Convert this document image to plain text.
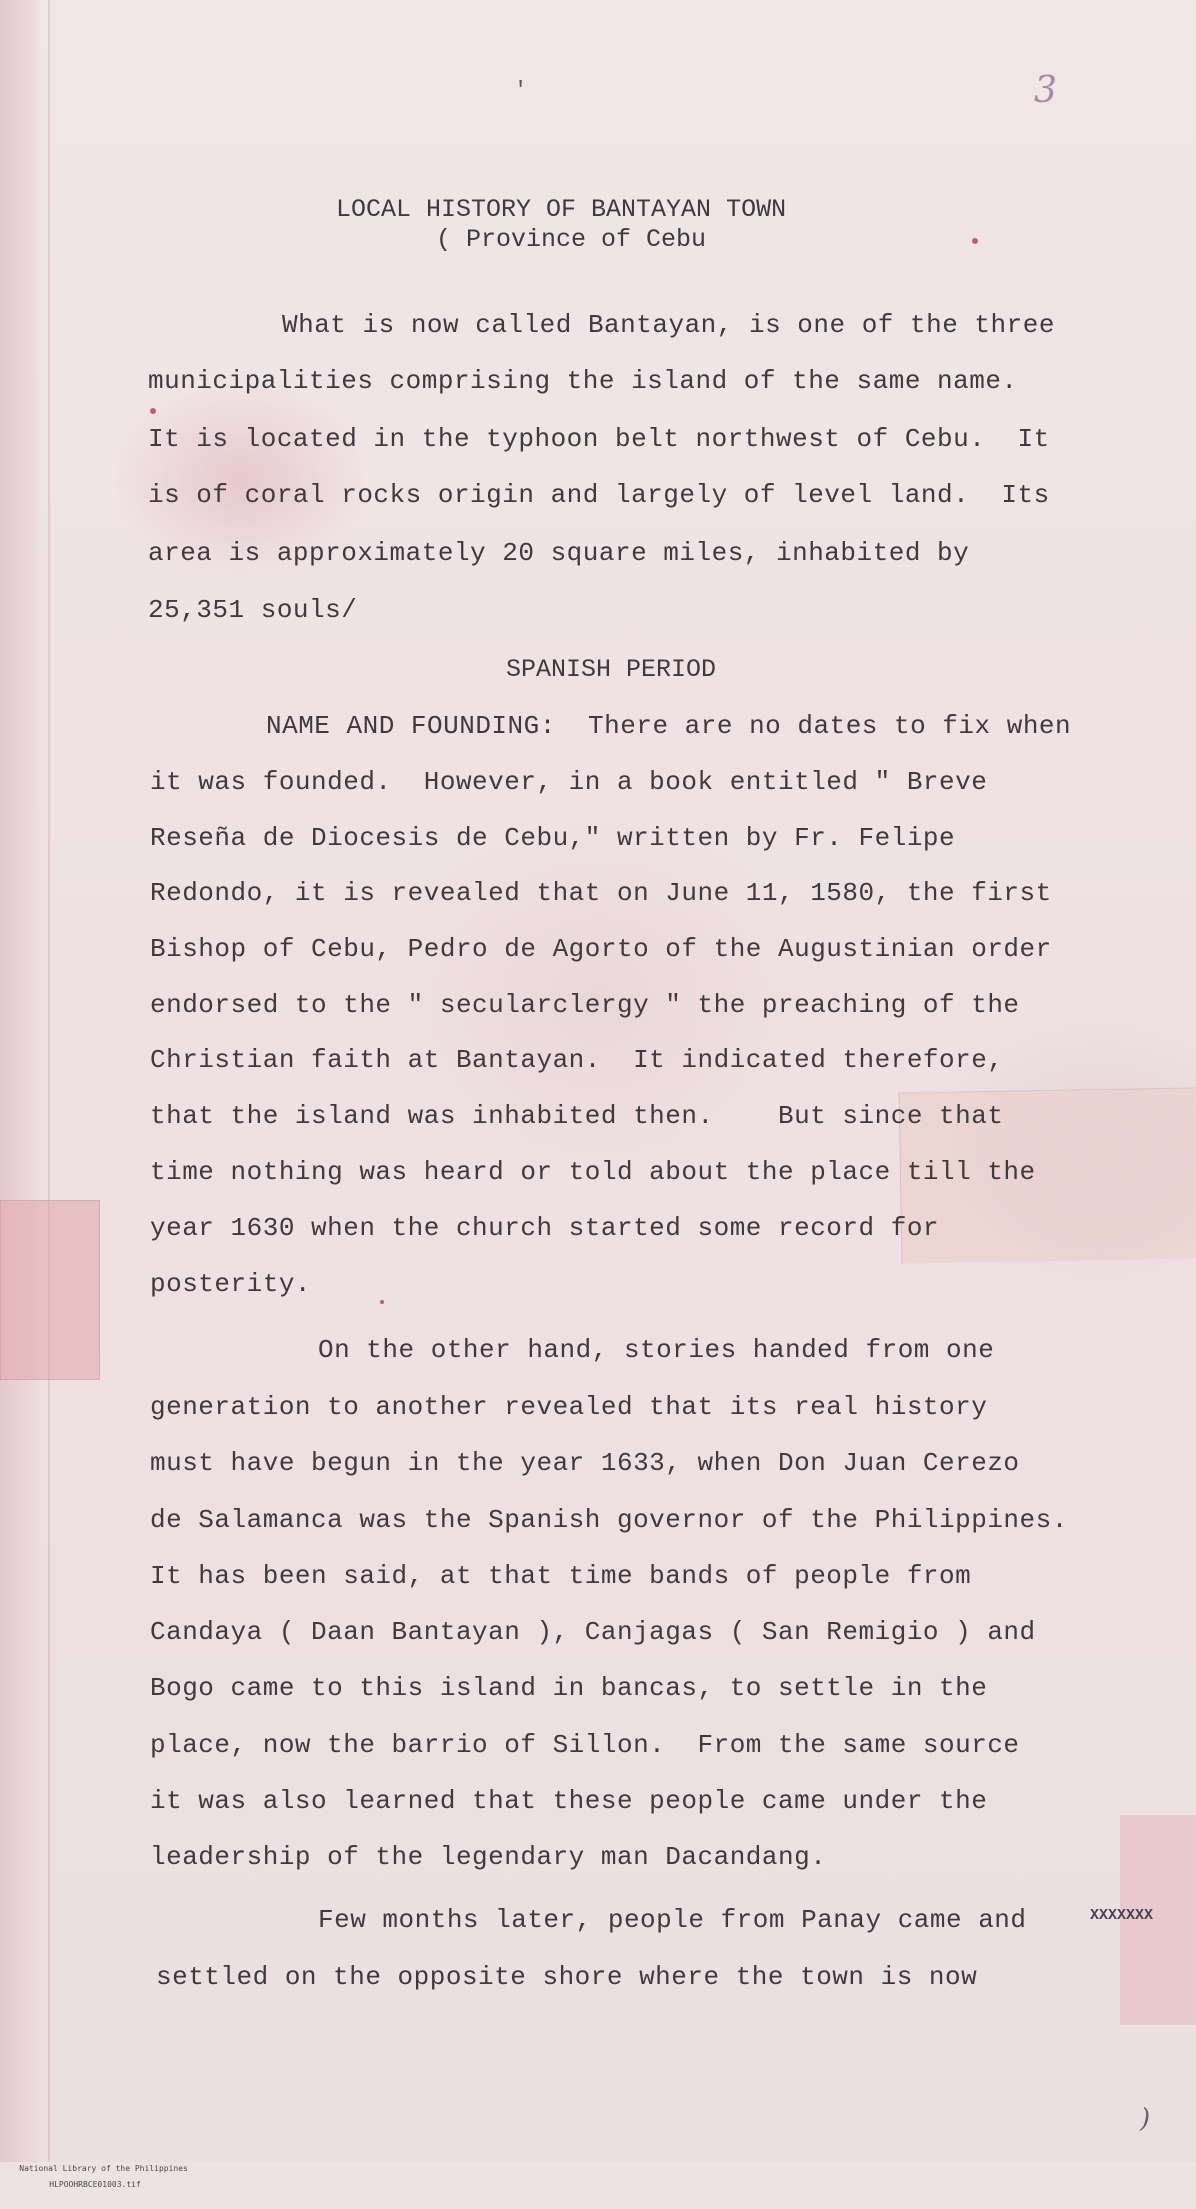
3
'
LOCAL HISTORY OF BANTAYAN TOWN
( Province of Cebu
What is now called Bantayan, is one of the three
municipalities comprising the island of the same name.
It is located in the typhoon belt northwest of Cebu.  It
is of coral rocks origin and largely of level land.  Its
area is approximately 20 square miles, inhabited by
25,351 souls/
SPANISH PERIOD
NAME AND FOUNDING:  There are no dates to fix when
it was founded.  However, in a book entitled " Breve
Reseña de Diocesis de Cebu," written by Fr. Felipe
Redondo, it is revealed that on June 11, 1580, the first
Bishop of Cebu, Pedro de Agorto of the Augustinian order
endorsed to the " secularclergy " the preaching of the
Christian faith at Bantayan.  It indicated therefore,
that the island was inhabited then.    But since that
time nothing was heard or told about the place till the
year 1630 when the church started some record for
posterity.
On the other hand, stories handed from one
generation to another revealed that its real history
must have begun in the year 1633, when Don Juan Cerezo
de Salamanca was the Spanish governor of the Philippines.
It has been said, at that time bands of people from
Candaya ( Daan Bantayan ), Canjagas ( San Remigio ) and
Bogo came to this island in bancas, to settle in the
place, now the barrio of Sillon.  From the same source
it was also learned that these people came under the
leadership of the legendary man Dacandang.
Few months later, people from Panay came and	XXXXXXX
settled on the opposite shore where the town is now
)

National Library of the Philippines
HLPOOHRBCE01003.tif
